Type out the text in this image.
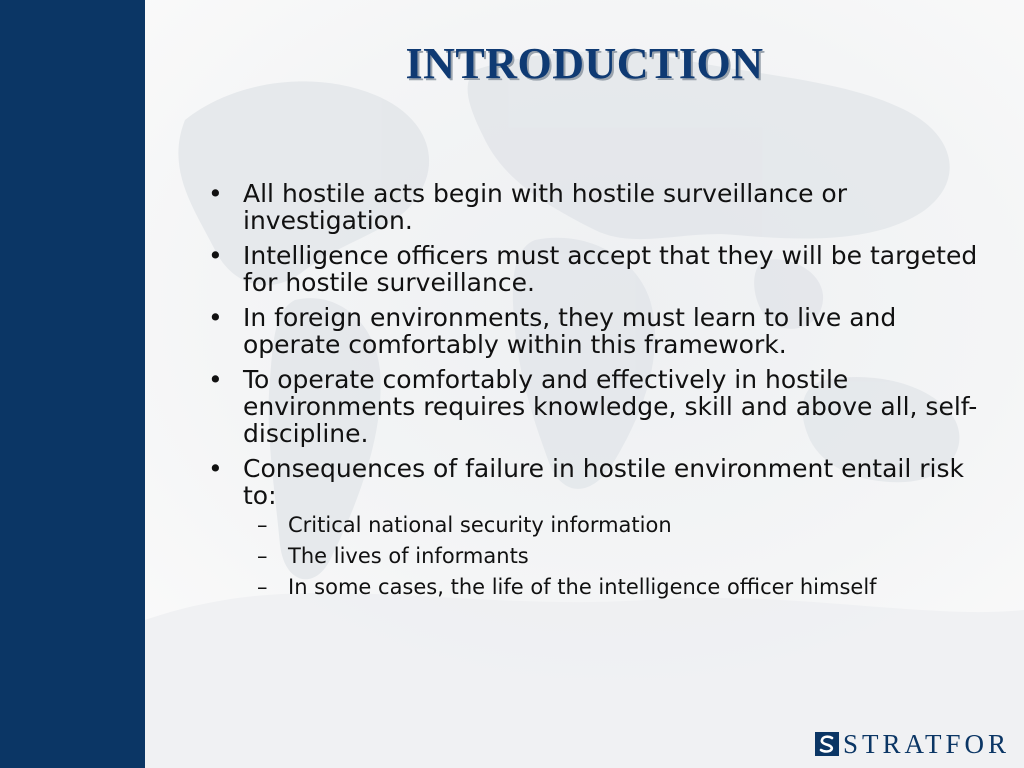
INTRODUCTION
• All hostile acts begin with hostile surveillance or investigation.
• Intelligence officers must accept that they will be targeted for hostile surveillance.
• In foreign environments, they must learn to live and operate comfortably within this framework.
• To operate comfortably and effectively in hostile environments requires knowledge, skill and above all, self-discipline.
• Consequences of failure in hostile environment entail risk to:
– Critical national security information
– The lives of informants
– In some cases, the life of the intelligence officer himself
STRATFOR
